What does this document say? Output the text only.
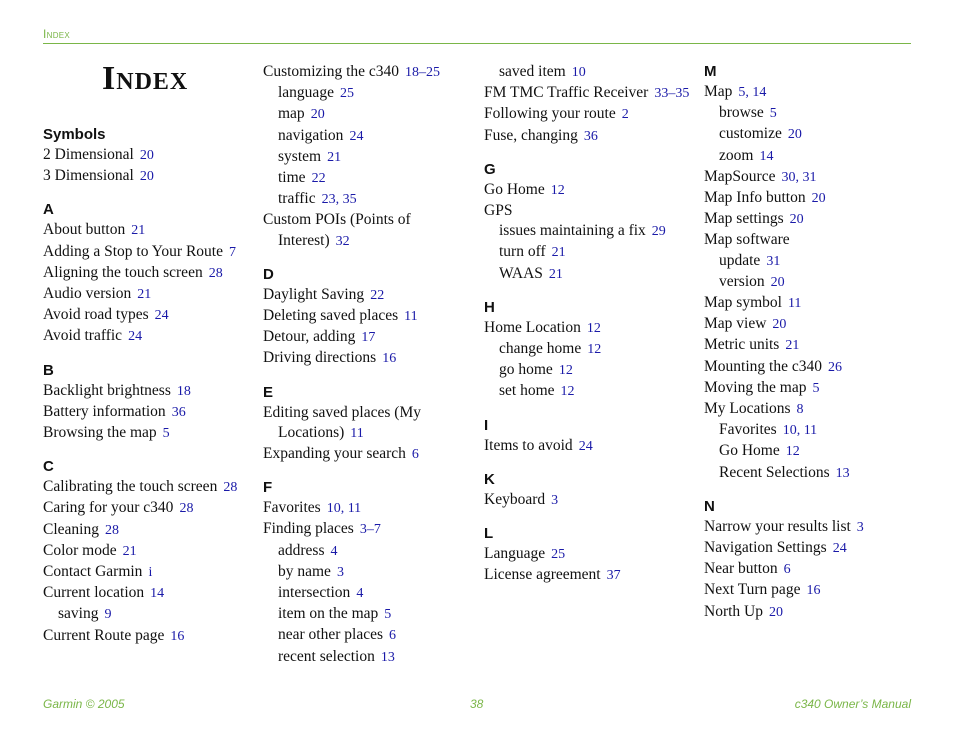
Index
Index
Symbols
2 Dimensional 20
3 Dimensional 20
A
About button 21
Adding a Stop to Your Route 7
Aligning the touch screen 28
Audio version 21
Avoid road types 24
Avoid traffic 24
B
Backlight brightness 18
Battery information 36
Browsing the map 5
C
Calibrating the touch screen 28
Caring for your c340 28
Cleaning 28
Color mode 21
Contact Garmin i
Current location 14
saving 9
Current Route page 16
Customizing the c340 18–25
language 25
map 20
navigation 24
system 21
time 22
traffic 23, 35
Custom POIs (Points of Interest) 32
D
Daylight Saving 22
Deleting saved places 11
Detour, adding 17
Driving directions 16
E
Editing saved places (My Locations) 11
Expanding your search 6
F
Favorites 10, 11
Finding places 3–7
address 4
by name 3
intersection 4
item on the map 5
near other places 6
recent selection 13
saved item 10
FM TMC Traffic Receiver 33–35
Following your route 2
Fuse, changing 36
G
Go Home 12
GPS
issues maintaining a fix 29
turn off 21
WAAS 21
H
Home Location 12
change home 12
go home 12
set home 12
I
Items to avoid 24
K
Keyboard 3
L
Language 25
License agreement 37
M
Map 5, 14
browse 5
customize 20
zoom 14
MapSource 30, 31
Map Info button 20
Map settings 20
Map software
update 31
version 20
Map symbol 11
Map view 20
Metric units 21
Mounting the c340 26
Moving the map 5
My Locations 8
Favorites 10, 11
Go Home 12
Recent Selections 13
N
Narrow your results list 3
Navigation Settings 24
Near button 6
Next Turn page 16
North Up 20
Garmin © 2005	38	c340 Owner’s Manual
